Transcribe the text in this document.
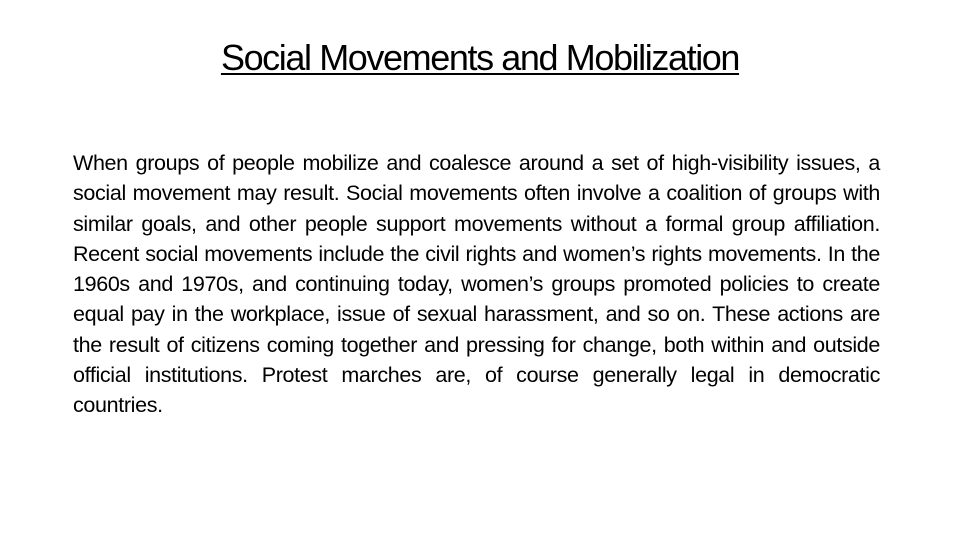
Social Movements and Mobilization

When groups of people mobilize and coalesce around a set of high-visibility issues, a social movement may result. Social movements often involve a coalition of groups with similar goals, and other people support movements without a formal group affiliation. Recent social movements include the civil rights and women’s rights movements. In the 1960s and 1970s, and continuing today, women’s groups promoted policies to create equal pay in the workplace, issue of sexual harassment, and so on. These actions are the result of citizens coming together and pressing for change, both within and outside official institutions. Protest marches are, of course generally legal in democratic countries.
